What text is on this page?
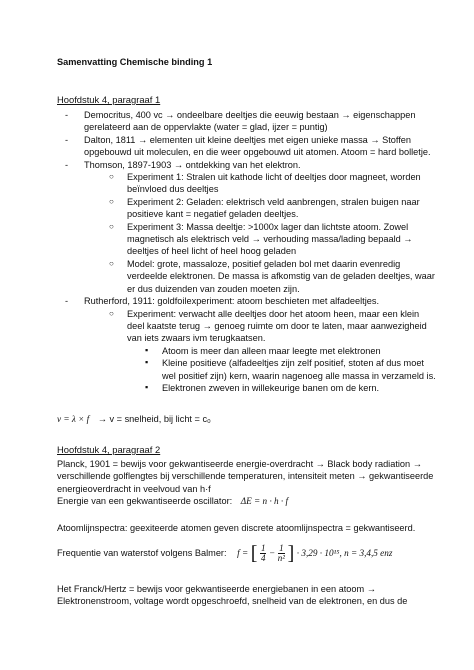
Samenvatting Chemische binding 1
Hoofdstuk 4, paragraaf 1
- Democritus, 400 vc → ondeelbare deeltjes die eeuwig bestaan → eigenschappen gerelateerd aan de oppervlakte (water = glad, ijzer = puntig)
- Dalton, 1811 → elementen uit kleine deeltjes met eigen unieke massa → Stoffen opgebouwd uit moleculen, en die weer opgebouwd uit atomen. Atoom = hard bolletje.
- Thomson, 1897-1903 → ontdekking van het elektron.
○ Experiment 1: Stralen uit kathode licht of deeltjes door magneet, worden beïnvloed dus deeltjes
○ Experiment 2: Geladen: elektrisch veld aanbrengen, stralen buigen naar positieve kant = negatief geladen deeltjes.
○ Experiment 3: Massa deeltje: >1000x lager dan lichtste atoom. Zowel magnetisch als elektrisch veld → verhouding massa/lading bepaald → deeltjes of heel licht of heel hoog geladen
○ Model: grote, massaloze, positief geladen bol met daarin evenredig verdeelde elektronen. De massa is afkomstig van de geladen deeltjes, waar er dus duizenden van zouden moeten zijn.
- Rutherford, 1911: goldfoilexperiment: atoom beschieten met alfadeeltjes.
○ Experiment: verwacht alle deeltjes door het atoom heen, maar een klein deel kaatste terug → genoeg ruimte om door te laten, maar aanwezigheid van iets zwaars ivm terugkaatsen.
▪ Atoom is meer dan alleen maar leegte met elektronen
▪ Kleine positieve (alfadeeltjes zijn zelf positief, stoten af dus moet wel positief zijn) kern, waarin nagenoeg alle massa in verzameld is.
▪ Elektronen zweven in willekeurige banen om de kern.
v = λ × f → v = snelheid, bij licht = c₀
Hoofdstuk 4, paragraaf 2
Planck, 1901 = bewijs voor gekwantiseerde energie-overdracht → Black body radiation → verschillende golflengtes bij verschillende temperaturen, intensiteit meten → gekwantiseerde energieoverdracht in veelvoud van h·f
Energie van een gekwantiseerde oscillator: ΔE = n · h · f
Atoomlijnspectra: geexiteerde atomen geven discrete atoomlijnspectra = gekwantiseerd.
Frequentie van waterstof volgens Balmer: f = [ $\frac{1}{4} - \frac{1}{\text{n²}}$ ] · 3,29 · 10¹⁵, n = 3,4,5 enz
Het Franck/Hertz = bewijs voor gekwantiseerde energiebanen in een atoom → Elektronenstroom, voltage wordt opgeschroefd, snelheid van de elektronen, en dus de
